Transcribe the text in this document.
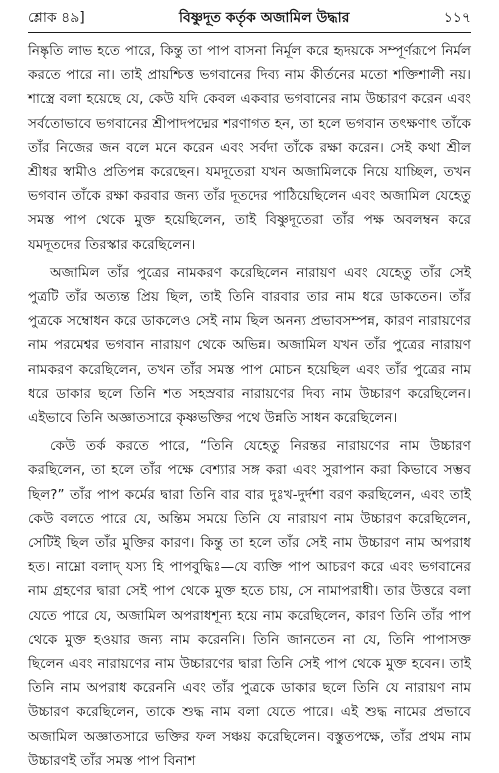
শ্লোক ৪৯]	বিষ্ণুদূত কর্তৃক অজামিল উদ্ধার	১১৭

নিষ্কৃতি লাভ হতে পারে, কিন্তু তা পাপ বাসনা নির্মূল করে হৃদয়কে সম্পূর্ণরূপে নির্মল করতে পারে না। তাই প্রায়শ্চিত্ত ভগবানের দিব্য নাম কীর্তনের মতো শক্তিশালী নয়। শাস্ত্রে বলা হয়েছে যে, কেউ যদি কেবল একবার ভগবানের নাম উচ্চারণ করেন এবং সর্বতোভাবে ভগবানের শ্রীপাদপদ্মের শরণাগত হন, তা হলে ভগবান তৎক্ষণাৎ তাঁকে তাঁর নিজের জন বলে মনে করেন এবং সর্বদা তাঁকে রক্ষা করেন। সেই কথা শ্রীল শ্রীধর স্বামীও প্রতিপন্ন করেছেন। যমদূতেরা যখন অজামিলকে নিয়ে যাচ্ছিল, তখন ভগবান তাঁকে রক্ষা করবার জন্য তাঁর দূতদের পাঠিয়েছিলেন এবং অজামিল যেহেতু সমস্ত পাপ থেকে মুক্ত হয়েছিলেন, তাই বিষ্ণুদূতেরা তাঁর পক্ষ অবলম্বন করে যমদূতদের তিরস্কার করেছিলেন।

অজামিল তাঁর পুত্রের নামকরণ করেছিলেন নারায়ণ এবং যেহেতু তাঁর সেই পুত্রটি তাঁর অত্যন্ত প্রিয় ছিল, তাই তিনি বারবার তার নাম ধরে ডাকতেন। তাঁর পুত্রকে সম্বোধন করে ডাকলেও সেই নাম ছিল অনন্য প্রভাবসম্পন্ন, কারণ নারায়ণের নাম পরমেশ্বর ভগবান নারায়ণ থেকে অভিন্ন। অজামিল যখন তাঁর পুত্রের নারায়ণ নামকরণ করেছিলেন, তখন তাঁর সমস্ত পাপ মোচন হয়েছিল এবং তাঁর পুত্রের নাম ধরে ডাকার ছলে তিনি শত সহস্রবার নারায়ণের দিব্য নাম উচ্চারণ করেছিলেন। এইভাবে তিনি অজ্ঞাতসারে কৃষ্ণভক্তির পথে উন্নতি সাধন করেছিলেন।

কেউ তর্ক করতে পারে, “তিনি যেহেতু নিরন্তর নারায়ণের নাম উচ্চারণ করছিলেন, তা হলে তাঁর পক্ষে বেশ্যার সঙ্গ করা এবং সুরাপান করা কিভাবে সম্ভব ছিল?” তাঁর পাপ কর্মের দ্বারা তিনি বার বার দুঃখ-দুর্দশা বরণ করছিলেন, এবং তাই কেউ বলতে পারে যে, অন্তিম সময়ে তিনি যে নারায়ণ নাম উচ্চারণ করেছিলেন, সেটিই ছিল তাঁর মুক্তির কারণ। কিন্তু তা হলে তাঁর সেই নাম উচ্চারণ নাম অপরাধ হত। নাম্নো বলাদ্ যস্য হি পাপবুদ্ধিঃ—যে ব্যক্তি পাপ আচরণ করে এবং ভগবানের নাম গ্রহণের দ্বারা সেই পাপ থেকে মুক্ত হতে চায়, সে নামাপরাধী। তার উত্তরে বলা যেতে পারে যে, অজামিল অপরাধশূন্য হয়ে নাম করেছিলেন, কারণ তিনি তাঁর পাপ থেকে মুক্ত হওয়ার জন্য নাম করেননি। তিনি জানতেন না যে, তিনি পাপাসক্ত ছিলেন এবং নারায়ণের নাম উচ্চারণের দ্বারা তিনি সেই পাপ থেকে মুক্ত হবেন। তাই তিনি নাম অপরাধ করেননি এবং তাঁর পুত্রকে ডাকার ছলে তিনি যে নারায়ণ নাম উচ্চারণ করেছিলেন, তাকে শুদ্ধ নাম বলা যেতে পারে। এই শুদ্ধ নামের প্রভাবে অজামিল অজ্ঞাতসারে ভক্তির ফল সঞ্চয় করেছিলেন। বস্তুতপক্ষে, তাঁর প্রথম নাম উচ্চারণই তাঁর সমস্ত পাপ বিনাশ
